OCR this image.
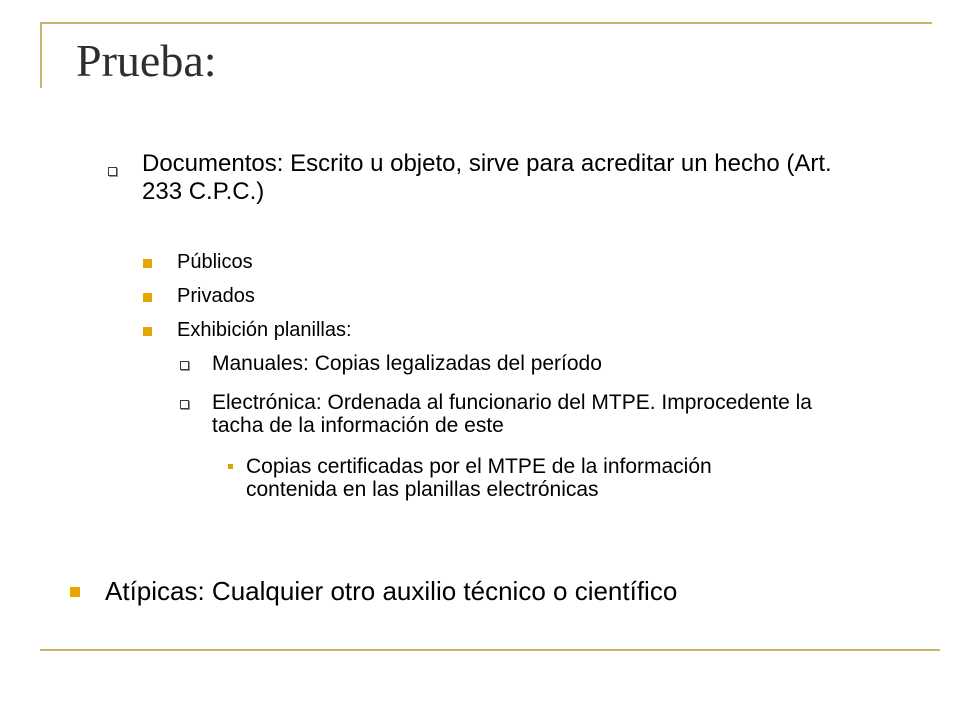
Prueba:
Documentos: Escrito u objeto, sirve para acreditar un hecho (Art. 233 C.P.C.)
Públicos
Privados
Exhibición planillas:
Manuales: Copias legalizadas del período
Electrónica: Ordenada al funcionario del MTPE. Improcedente la tacha de la información de este
Copias certificadas por el MTPE de la información contenida en las planillas electrónicas
Atípicas: Cualquier otro auxilio técnico o científico
